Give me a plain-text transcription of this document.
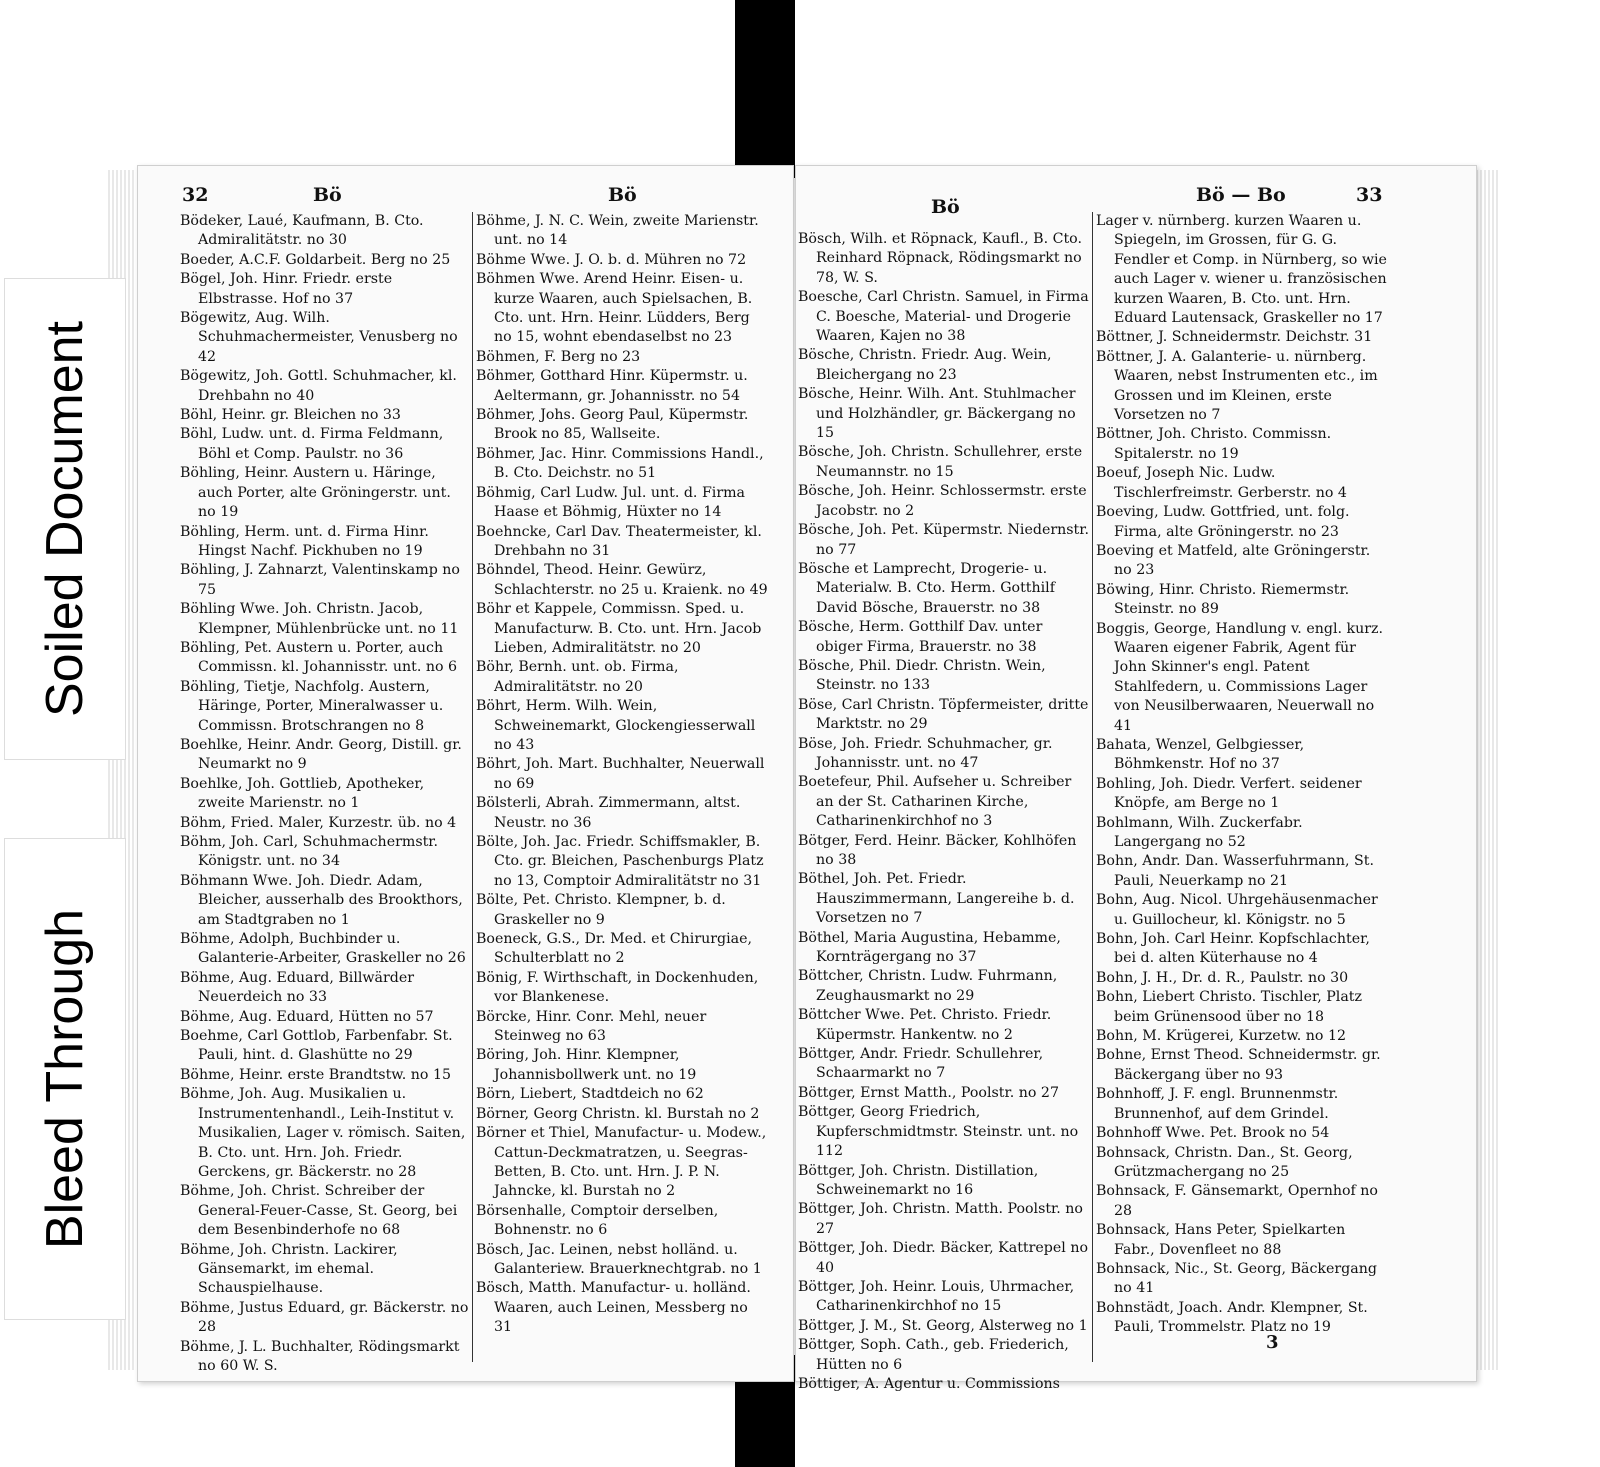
32	Bö	Bö

Bödeker, Laué, Kaufmann, B. Cto. Admiralitätstr. no 30

Boeder, A.C.F. Goldarbeit. Berg no 25

Bögel, Joh. Hinr. Friedr. erste Elbstrasse. Hof no 37

Bögewitz, Aug. Wilh. Schuhmachermeister, Venusberg no 42

Bögewitz, Joh. Gottl. Schuhmacher, kl. Drehbahn no 40

Böhl, Heinr. gr. Bleichen no 33

Böhl, Ludw. unt. d. Firma Feldmann, Böhl et Comp. Paulstr. no 36

Böhling, Heinr. Austern u. Häringe, auch Porter, alte Gröningerstr. unt. no 19

Böhling, Herm. unt. d. Firma Hinr. Hingst Nachf. Pickhuben no 19

Böhling, J. Zahnarzt, Valentinskamp no 75

Böhling Wwe. Joh. Christn. Jacob, Klempner, Mühlenbrücke unt. no 11

Böhling, Pet. Austern u. Porter, auch Commissn. kl. Johannisstr. unt. no 6

Böhling, Tietje, Nachfolg. Austern, Häringe, Porter, Mineralwasser u. Commissn. Brotschrangen no 8

Boehlke, Heinr. Andr. Georg, Distill. gr. Neumarkt no 9

Boehlke, Joh. Gottlieb, Apotheker, zweite Marienstr. no 1

Böhm, Fried. Maler, Kurzestr. üb. no 4

Böhm, Joh. Carl, Schuhmachermstr. Königstr. unt. no 34

Böhmann Wwe. Joh. Diedr. Adam, Bleicher, ausserhalb des Brookthors, am Stadtgraben no 1

Böhme, Adolph, Buchbinder u. Galanterie-Arbeiter, Graskeller no 26

Böhme, Aug. Eduard, Billwärder Neuerdeich no 33

Böhme, Aug. Eduard, Hütten no 57

Boehme, Carl Gottlob, Farbenfabr. St. Pauli, hint. d. Glashütte no 29

Böhme, Heinr. erste Brandtstw. no 15

Böhme, Joh. Aug. Musikalien u. Instrumentenhandl., Leih-Institut v. Musikalien, Lager v. römisch. Saiten, B. Cto. unt. Hrn. Joh. Friedr. Gerckens, gr. Bäckerstr. no 28

Böhme, Joh. Christ. Schreiber der General-Feuer-Casse, St. Georg, bei dem Besenbinderhofe no 68

Böhme, Joh. Christn. Lackirer, Gänsemarkt, im ehemal. Schauspielhause.

Böhme, Justus Eduard, gr. Bäckerstr. no 28

Böhme, J. L. Buchhalter, Rödingsmarkt no 60 W. S.

Böhme, J. N. C. Wein, zweite Marienstr. unt. no 14

Böhme Wwe. J. O. b. d. Mühren no 72

Böhmen Wwe. Arend Heinr. Eisen- u. kurze Waaren, auch Spielsachen, B. Cto. unt. Hrn. Heinr. Lüdders, Berg no 15, wohnt ebendaselbst no 23

Böhmen, F. Berg no 23

Böhmer, Gotthard Hinr. Küpermstr. u. Aeltermann, gr. Johannisstr. no 54

Böhmer, Johs. Georg Paul, Küpermstr. Brook no 85, Wallseite.

Böhmer, Jac. Hinr. Commissions Handl., B. Cto. Deichstr. no 51

Böhmig, Carl Ludw. Jul. unt. d. Firma Haase et Böhmig, Hüxter no 14

Boehncke, Carl Dav. Theatermeister, kl. Drehbahn no 31

Böhndel, Theod. Heinr. Gewürz, Schlachterstr. no 25 u. Kraienk. no 49

Böhr et Kappele, Commissn. Sped. u. Manufacturw. B. Cto. unt. Hrn. Jacob Lieben, Admiralitätstr. no 20

Böhr, Bernh. unt. ob. Firma, Admiralitätstr. no 20

Böhrt, Herm. Wilh. Wein, Schweinemarkt, Glockengiesserwall no 43

Böhrt, Joh. Mart. Buchhalter, Neuerwall no 69

Bölsterli, Abrah. Zimmermann, altst. Neustr. no 36

Bölte, Joh. Jac. Friedr. Schiffsmakler, B. Cto. gr. Bleichen, Paschenburgs Platz no 13, Comptoir Admiralitätstr no 31

Bölte, Pet. Christo. Klempner, b. d. Graskeller no 9

Boeneck, G.S., Dr. Med. et Chirurgiae, Schulterblatt no 2

Bönig, F. Wirthschaft, in Dockenhuden, vor Blankenese.

Börcke, Hinr. Conr. Mehl, neuer Steinweg no 63

Böring, Joh. Hinr. Klempner, Johannisbollwerk unt. no 19

Börn, Liebert, Stadtdeich no 62

Börner, Georg Christn. kl. Burstah no 2

Börner et Thiel, Manufactur- u. Modew., Cattun-Deckmatratzen, u. Seegras-Betten, B. Cto. unt. Hrn. J. P. N. Jahncke, kl. Burstah no 2

Börsenhalle, Comptoir derselben, Bohnenstr. no 6

Bösch, Jac. Leinen, nebst holländ. u. Galanteriew. Brauerknechtgrab. no 1

Bösch, Matth. Manufactur- u. holländ. Waaren, auch Leinen, Messberg no 31

Bö
Bö — Bo	33

Bösch, Wilh. et Röpnack, Kaufl., B. Cto. Reinhard Röpnack, Rödingsmarkt no 78, W. S.

Boesche, Carl Christn. Samuel, in Firma C. Boesche, Material- und Drogerie Waaren, Kajen no 38

Bösche, Christn. Friedr. Aug. Wein, Bleichergang no 23

Bösche, Heinr. Wilh. Ant. Stuhlmacher und Holzhändler, gr. Bäckergang no 15

Bösche, Joh. Christn. Schullehrer, erste Neumannstr. no 15

Bösche, Joh. Heinr. Schlossermstr. erste Jacobstr. no 2

Bösche, Joh. Pet. Küpermstr. Niedernstr. no 77

Bösche et Lamprecht, Drogerie- u. Materialw. B. Cto. Herm. Gotthilf David Bösche, Brauerstr. no 38

Bösche, Herm. Gotthilf Dav. unter obiger Firma, Brauerstr. no 38

Bösche, Phil. Diedr. Christn. Wein, Steinstr. no 133

Böse, Carl Christn. Töpfermeister, dritte Marktstr. no 29

Böse, Joh. Friedr. Schuhmacher, gr. Johannisstr. unt. no 47

Boetefeur, Phil. Aufseher u. Schreiber an der St. Catharinen Kirche, Catharinenkirchhof no 3

Bötger, Ferd. Heinr. Bäcker, Kohlhöfen no 38

Böthel, Joh. Pet. Friedr. Hauszimmermann, Langereihe b. d. Vorsetzen no 7

Böthel, Maria Augustina, Hebamme, Kornträgergang no 37

Böttcher, Christn. Ludw. Fuhrmann, Zeughausmarkt no 29

Böttcher Wwe. Pet. Christo. Friedr. Küpermstr. Hankentw. no 2

Böttger, Andr. Friedr. Schullehrer, Schaarmarkt no 7

Böttger, Ernst Matth., Poolstr. no 27

Böttger, Georg Friedrich, Kupferschmidtmstr. Steinstr. unt. no 112

Böttger, Joh. Christn. Distillation, Schweinemarkt no 16

Böttger, Joh. Christn. Matth. Poolstr. no 27

Böttger, Joh. Diedr. Bäcker, Kattrepel no 40

Böttger, Joh. Heinr. Louis, Uhrmacher, Catharinenkirchhof no 15

Böttger, J. M., St. Georg, Alsterweg no 1

Böttger, Soph. Cath., geb. Friederich, Hütten no 6

Böttiger, A. Agentur u. Commissions

Lager v. nürnberg. kurzen Waaren u. Spiegeln, im Grossen, für G. G. Fendler et Comp. in Nürnberg, so wie auch Lager v. wiener u. französischen kurzen Waaren, B. Cto. unt. Hrn. Eduard Lautensack, Graskeller no 17

Böttner, J. Schneidermstr. Deichstr. 31

Böttner, J. A. Galanterie- u. nürnberg. Waaren, nebst Instrumenten etc., im Grossen und im Kleinen, erste Vorsetzen no 7

Böttner, Joh. Christo. Commissn. Spitalerstr. no 19

Boeuf, Joseph Nic. Ludw. Tischlerfreimstr. Gerberstr. no 4

Boeving, Ludw. Gottfried, unt. folg. Firma, alte Gröningerstr. no 23

Boeving et Matfeld, alte Gröningerstr. no 23

Böwing, Hinr. Christo. Riemermstr. Steinstr. no 89

Boggis, George, Handlung v. engl. kurz. Waaren eigener Fabrik, Agent für John Skinner's engl. Patent Stahlfedern, u. Commissions Lager von Neusilberwaaren, Neuerwall no 41

Bahata, Wenzel, Gelbgiesser, Böhmkenstr. Hof no 37

Bohling, Joh. Diedr. Verfert. seidener Knöpfe, am Berge no 1

Bohlmann, Wilh. Zuckerfabr. Langergang no 52

Bohn, Andr. Dan. Wasserfuhrmann, St. Pauli, Neuerkamp no 21

Bohn, Aug. Nicol. Uhrgehäusenmacher u. Guillocheur, kl. Königstr. no 5

Bohn, Joh. Carl Heinr. Kopfschlachter, bei d. alten Küterhause no 4

Bohn, J. H., Dr. d. R., Paulstr. no 30

Bohn, Liebert Christo. Tischler, Platz beim Grünensood über no 18

Bohn, M. Krügerei, Kurzetw. no 12

Bohne, Ernst Theod. Schneidermstr. gr. Bäckergang über no 93

Bohnhoff, J. F. engl. Brunnenmstr. Brunnenhof, auf dem Grindel.

Bohnhoff Wwe. Pet. Brook no 54

Bohnsack, Christn. Dan., St. Georg, Grützmachergang no 25

Bohnsack, F. Gänsemarkt, Opernhof no 28

Bohnsack, Hans Peter, Spielkarten Fabr., Dovenfleet no 88

Bohnsack, Nic., St. Georg, Bäckergang no 41

Bohnstädt, Joach. Andr. Klempner, St. Pauli, Trommelstr. Platz no 19

3
Soiled Document
Bleed Through
